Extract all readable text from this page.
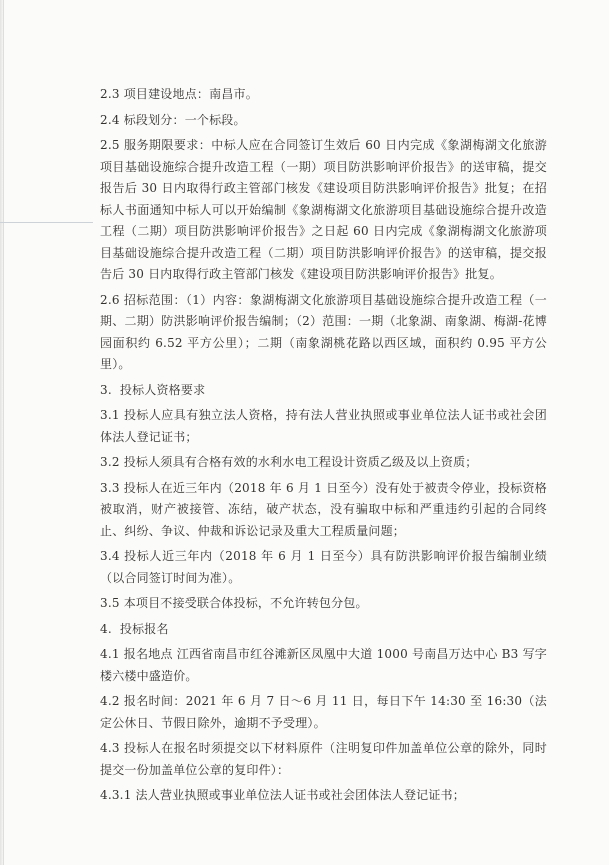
2.3 项目建设地点：南昌市。

2.4 标段划分：一个标段。

2.5 服务期限要求：中标人应在合同签订生效后 60 日内完成《象湖梅湖文化旅游项目基础设施综合提升改造工程（一期）项目防洪影响评价报告》的送审稿，提交报告后 30 日内取得行政主管部门核发《建设项目防洪影响评价报告》批复；在招标人书面通知中标人可以开始编制《象湖梅湖文化旅游项目基础设施综合提升改造工程（二期）项目防洪影响评价报告》之日起 60 日内完成《象湖梅湖文化旅游项目基础设施综合提升改造工程（二期）项目防洪影响评价报告》的送审稿，提交报告后 30 日内取得行政主管部门核发《建设项目防洪影响评价报告》批复。

2.6 招标范围：（1）内容：象湖梅湖文化旅游项目基础设施综合提升改造工程（一期、二期）防洪影响评价报告编制；（2）范围：一期（北象湖、南象湖、梅湖-花博园面积约 6.52 平方公里）；二期（南象湖桃花路以西区域，面积约 0.95 平方公里）。

3.  投标人资格要求

3.1 投标人应具有独立法人资格，持有法人营业执照或事业单位法人证书或社会团体法人登记证书；

3.2 投标人须具有合格有效的水利水电工程设计资质乙级及以上资质；

3.3 投标人在近三年内（2018 年 6 月 1 日至今）没有处于被责令停业，投标资格被取消，财产被接管、冻结，破产状态，没有骗取中标和严重违约引起的合同终止、纠纷、争议、仲裁和诉讼记录及重大工程质量问题；

3.4 投标人近三年内（2018 年 6 月 1 日至今）具有防洪影响评价报告编制业绩（以合同签订时间为准）。

3.5 本项目不接受联合体投标，不允许转包分包。

4.  投标报名

4.1 报名地点 江西省南昌市红谷滩新区凤凰中大道 1000 号南昌万达中心 B3 写字楼六楼中盛造价。

4.2 报名时间：2021 年 6 月 7 日～6 月 11 日，每日下午 14:30 至 16:30（法定公休日、节假日除外，逾期不予受理）。

4.3 投标人在报名时须提交以下材料原件（注明复印件加盖单位公章的除外，同时提交一份加盖单位公章的复印件）：

4.3.1 法人营业执照或事业单位法人证书或社会团体法人登记证书；
